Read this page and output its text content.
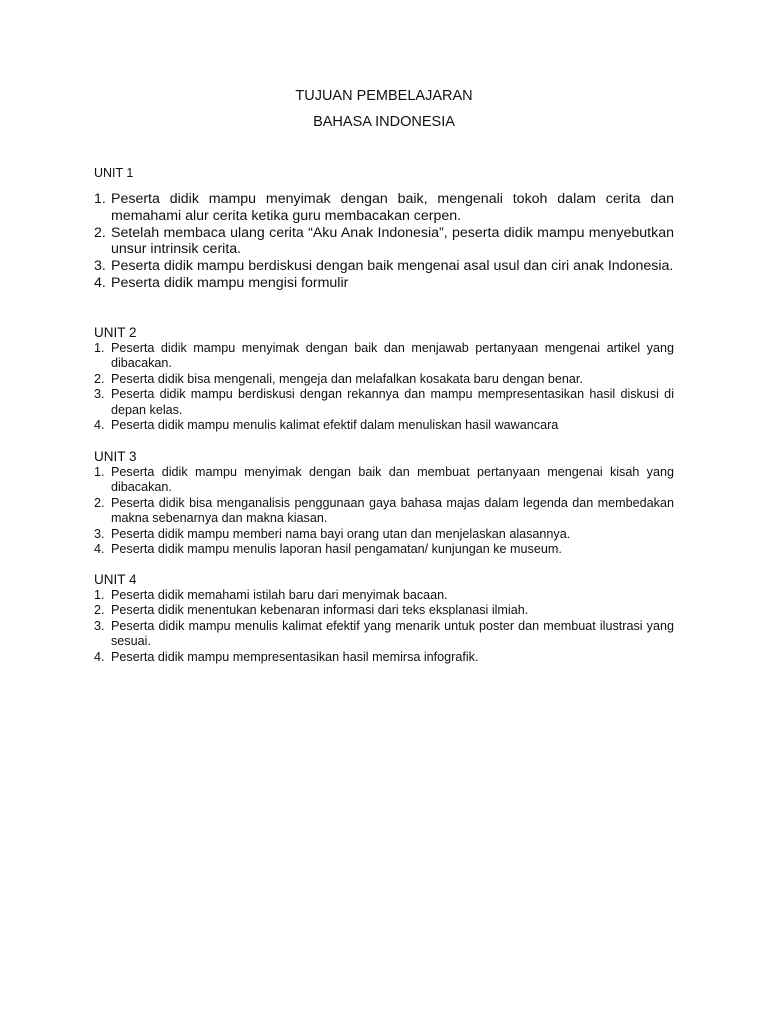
TUJUAN PEMBELAJARAN
BAHASA INDONESIA
UNIT 1
1. Peserta didik mampu menyimak dengan baik, mengenali tokoh dalam cerita dan memahami alur cerita ketika guru membacakan cerpen.
2. Setelah membaca ulang cerita “Aku Anak Indonesia”, peserta didik mampu menyebutkan unsur intrinsik cerita.
3. Peserta didik mampu berdiskusi dengan baik mengenai asal usul dan ciri anak Indonesia.
4. Peserta didik mampu mengisi formulir
UNIT 2
1. Peserta didik mampu menyimak dengan baik dan menjawab pertanyaan mengenai artikel yang dibacakan.
2. Peserta didik bisa mengenali, mengeja dan melafalkan kosakata baru dengan benar.
3. Peserta didik mampu berdiskusi dengan rekannya dan mampu mempresentasikan hasil diskusi di depan kelas.
4. Peserta didik mampu menulis kalimat efektif dalam menuliskan hasil wawancara
UNIT 3
1. Peserta didik mampu menyimak dengan baik dan membuat pertanyaan mengenai kisah yang dibacakan.
2. Peserta didik bisa menganalisis penggunaan gaya bahasa majas dalam legenda dan membedakan makna sebenarnya dan makna kiasan.
3. Peserta didik mampu memberi nama bayi orang utan dan menjelaskan alasannya.
4. Peserta didik mampu menulis laporan hasil pengamatan/ kunjungan ke museum.
UNIT 4
1. Peserta didik memahami istilah baru dari menyimak bacaan.
2. Peserta didik menentukan kebenaran informasi dari teks eksplanasi ilmiah.
3. Peserta didik mampu menulis kalimat efektif yang menarik untuk poster dan membuat ilustrasi yang sesuai.
4. Peserta didik mampu mempresentasikan hasil memirsa infografik.
